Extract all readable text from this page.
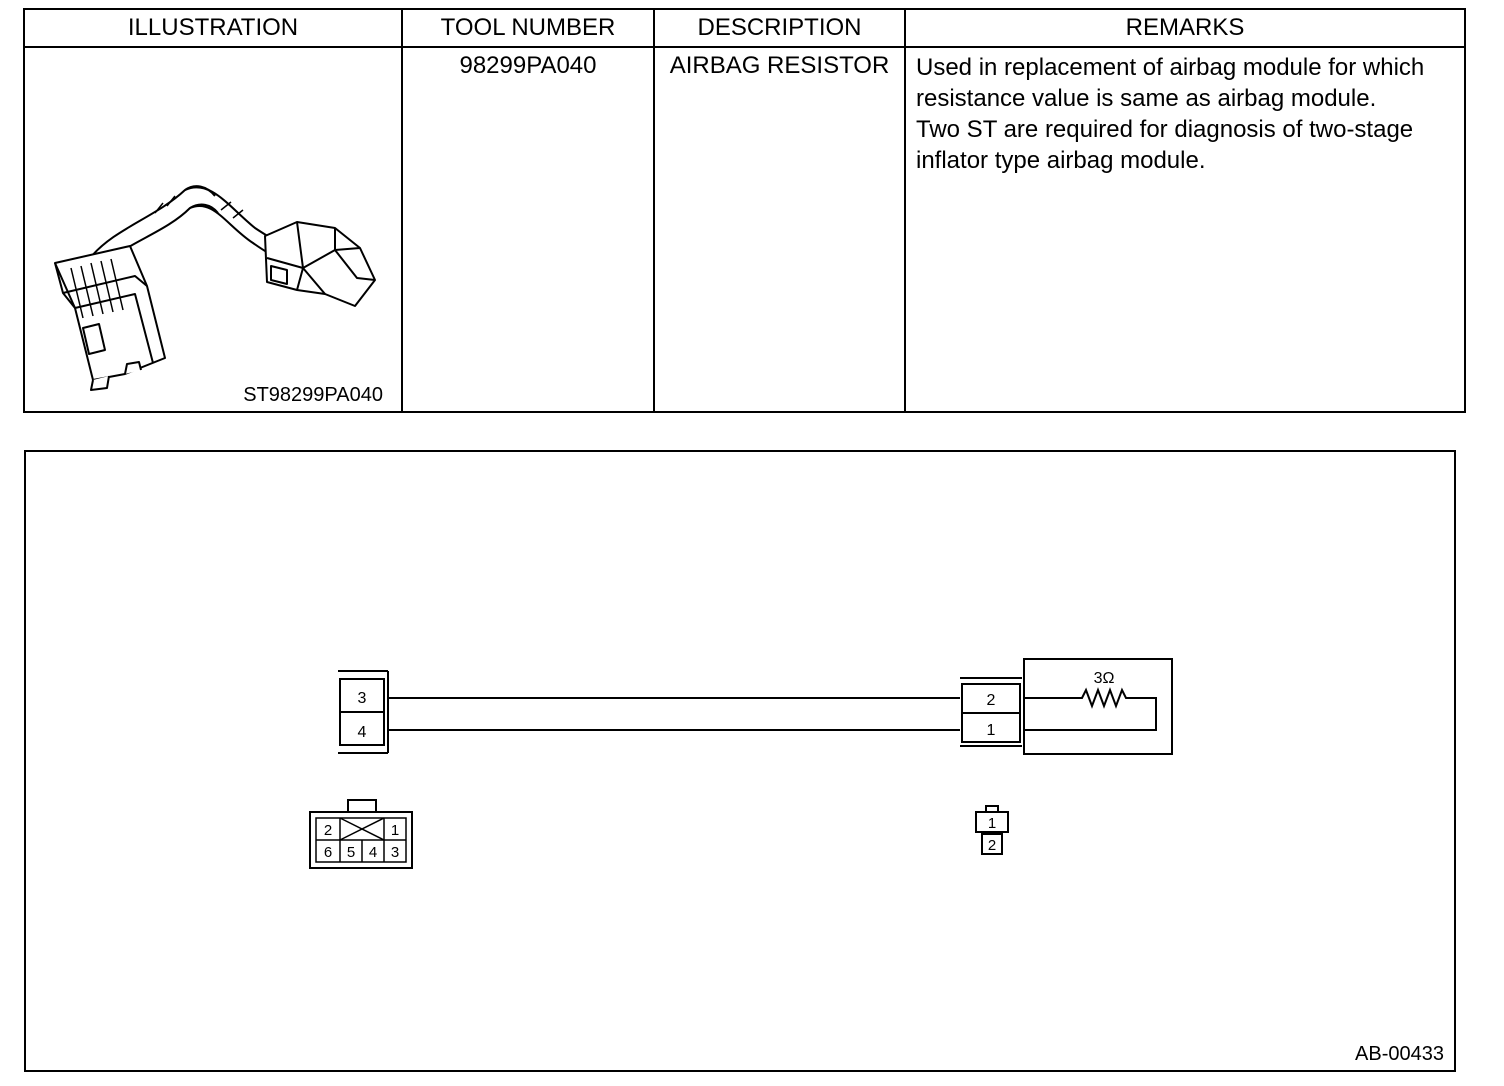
ILLUSTRATION	TOOL NUMBER	DESCRIPTION	REMARKS

ST98299PA040	98299PA040	AIRBAG RESISTOR	Used in replacement of airbag module for which
resistance value is same as airbag module.
Two ST are required for diagnosis of two-stage
inflator type airbag module.
3
4
2
1
3Ω
2	1
6 5 4 3
1
2
AB-00433
